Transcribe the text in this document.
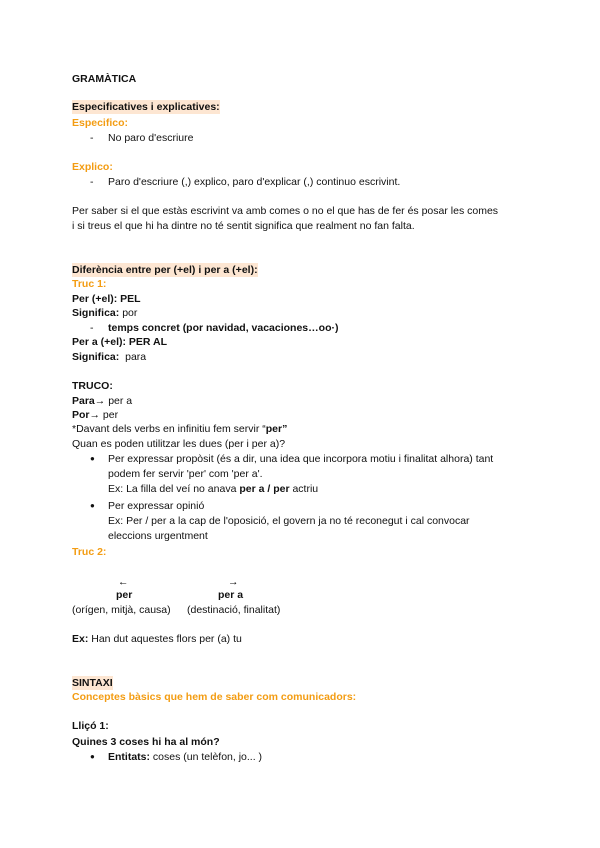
GRAMÀTICA
Especificatives i explicatives:
Especifico:
- No paro d'escriure
Explico:
- Paro d'escriure (,) explico, paro d'explicar (,) continuo escrivint.
Per saber si el que estàs escrivint va amb comes o no el que has de fer és posar les comes
i si treus el que hi ha dintre no té sentit significa que realment no fan falta.
Diferència entre per (+el) i per a (+el):
Truc 1:
Per (+el): PEL
Significa: por
- temps concret (por navidad, vacaciones…oo·)
Per a (+el): PER AL
Significa: para
TRUCO:
Para→ per a
Por→ per
*Davant dels verbs en infinitiu fem servir “per”
Quan es poden utilitzar les dues (per i per a)?
● Per expressar propòsit (és a dir, una idea que incorpora motiu i finalitat alhora) tant
podem fer servir 'per' com 'per a'.
Ex: La filla del veí no anava per a / per actriu
● Per expressar opinió
Ex: Per / per a la cap de l'oposició, el govern ja no té reconegut i cal convocar
eleccions urgentment
Truc 2:
←	→
per	per a
(orígen, mitjà, causa) (destinació, finalitat)
Ex: Han dut aquestes flors per (a) tu
SINTAXI
Conceptes bàsics que hem de saber com comunicadors:
Lliçó 1:
Quines 3 coses hi ha al món?
● Entitats: coses (un telèfon, jo... )
